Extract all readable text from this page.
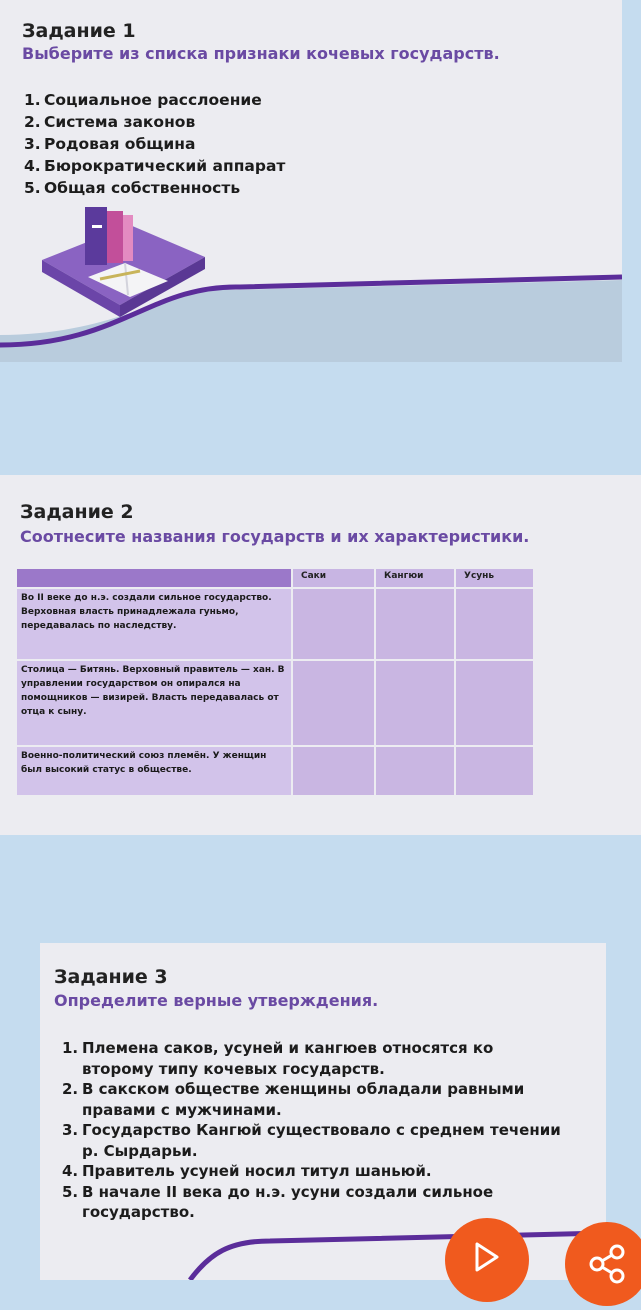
Задание 1
Выберите из списка признаки кочевых государств.
1. Социальное расслоение
2. Система законов
3. Родовая община
4. Бюрократический аппарат
5. Общая собственность
Задание 2
Соотнесите названия государств и их характеристики.
	Саки	Кангюи	Усунь
Во II веке до н.э. создали сильное государство. Верховная власть принадлежала гуньмо, передавалась по наследству.			
Столица — Битянь. Верховный правитель — хан. В управлении государством он опирался на помощников — визирей. Власть передавалась от отца к сыну.			
Военно-политический союз племён. У женщин был высокий статус в обществе.			
Задание 3
Определите верные утверждения.
1. Племена саков, усуней и кангюев относятся ко второму типу кочевых государств.
2. В сакском обществе женщины обладали равными правами с мужчинами.
3. Государство Кангюй существовало с среднем течении р. Сырдарьи.
4. Правитель усуней носил титул шаньюй.
5. В начале II века до н.э. усуни создали сильное государство.
